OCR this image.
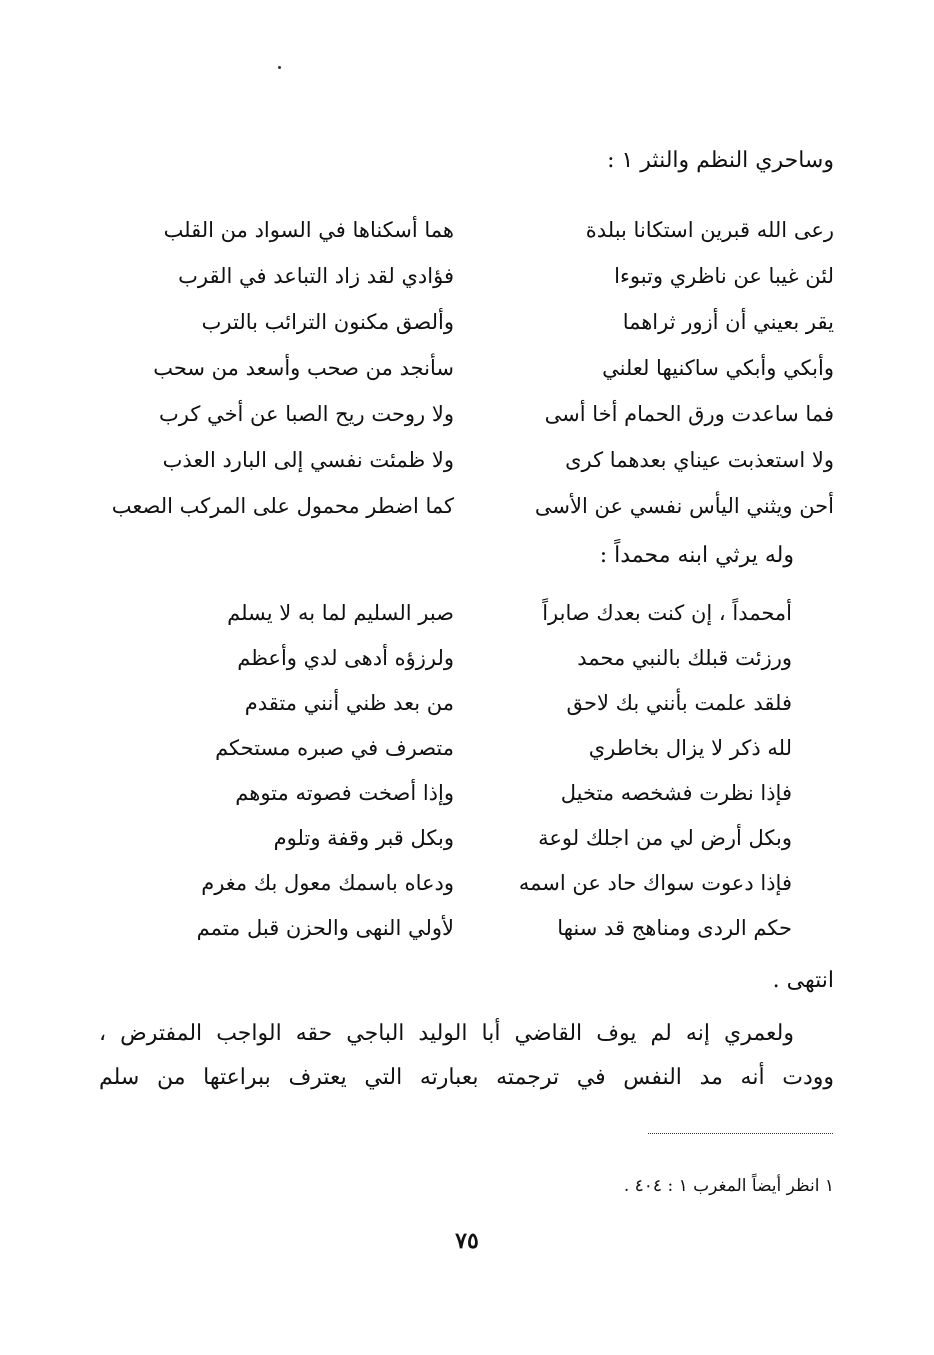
وساحري النظم والنثر ١ :
رعى الله قبرين استكانا ببلدة
هما أسكناها في السواد من القلب
لئن غيبا عن ناظري وتبوءا
فؤادي لقد زاد التباعد في القرب
يقر بعيني أن أزور ثراهما
وألصق مكنون الترائب بالترب
وأبكي وأبكي ساكنيها لعلني
سأنجد من صحب وأسعد من سحب
فما ساعدت ورق الحمام أخا أسى
ولا روحت ريح الصبا عن أخي كرب
ولا استعذبت عيناي بعدهما كرى
ولا ظمئت نفسي إلى البارد العذب
أحن ويثني اليأس نفسي عن الأسى
كما اضطر محمول على المركب الصعب
وله يرثي ابنه محمداً :
أمحمداً ، إن كنت بعدك صابراً
صبر السليم لما به لا يسلم
ورزئت قبلك بالنبي محمد
ولرزؤه أدهى لدي وأعظم
فلقد علمت بأنني بك لاحق
من بعد ظني أنني متقدم
لله ذكر لا يزال بخاطري
متصرف في صبره مستحكم
فإذا نظرت فشخصه متخيل
وإذا أصخت فصوته متوهم
وبكل أرض لي من اجلك لوعة
وبكل قبر وقفة وتلوم
فإذا دعوت سواك حاد عن اسمه
ودعاه باسمك معول بك مغرم
حكم الردى ومناهج قد سنها
لأولي النهى والحزن قبل متمم
انتهى .
ولعمري إنه لم يوف القاضي أبا الوليد الباجي حقه الواجب المفترض ،
وودت أنه مد النفس في ترجمته بعبارته التي يعترف ببراعتها من سلم
١ انظر أيضاً المغرب ١ : ٤٠٤ .
٧٥
